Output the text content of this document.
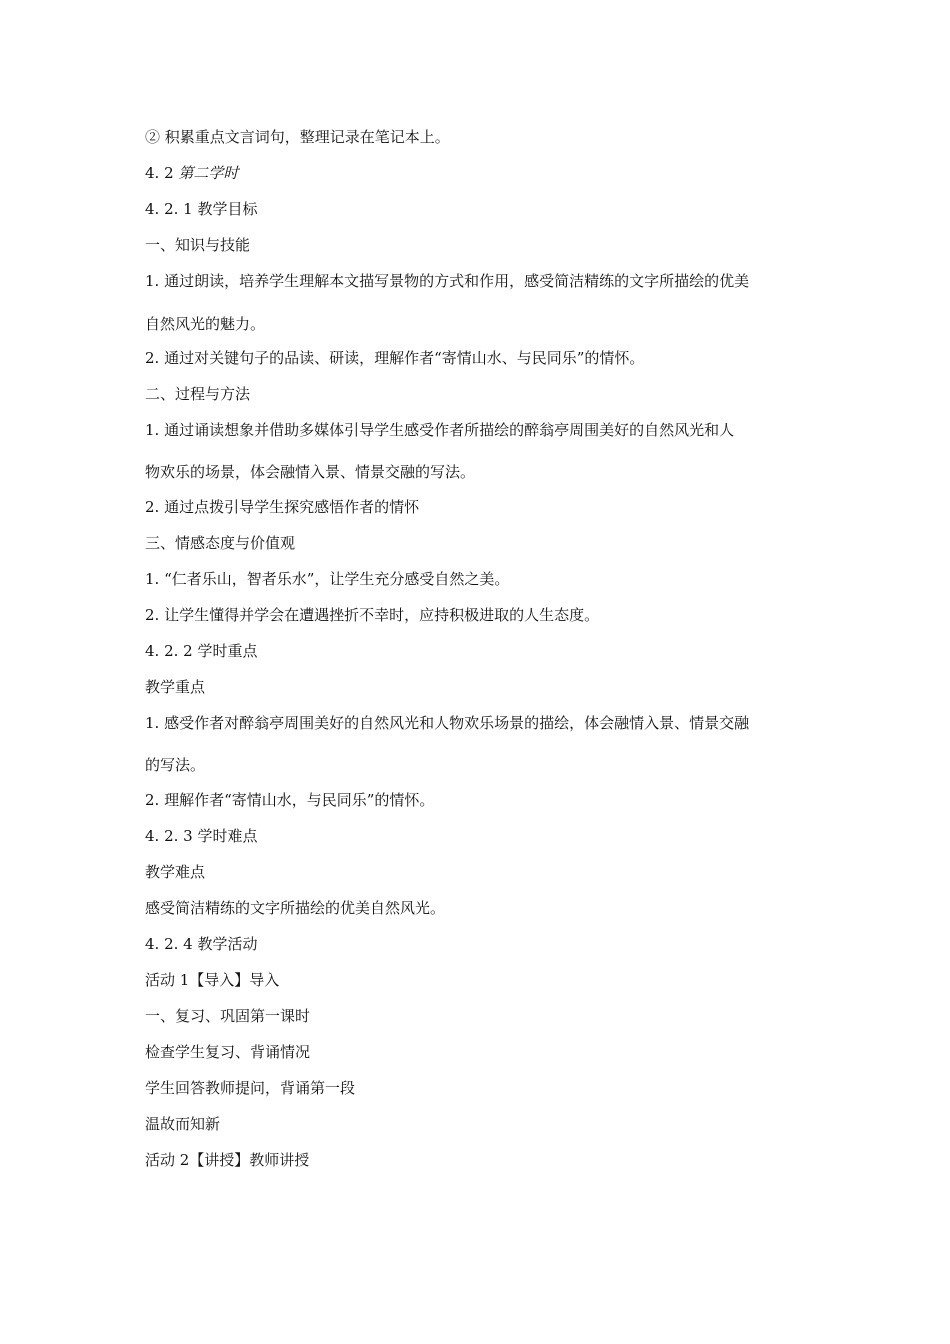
② 积累重点文言词句，整理记录在笔记本上。
4. 2 第二学时
4. 2. 1 教学目标
一、知识与技能
1. 通过朗读，培养学生理解本文描写景物的方式和作用，感受简洁精练的文字所描绘的优美
自然风光的魅力。
2. 通过对关键句子的品读、研读，理解作者“寄情山水、与民同乐”的情怀。
二、过程与方法
1. 通过诵读想象并借助多媒体引导学生感受作者所描绘的醉翁亭周围美好的自然风光和人
物欢乐的场景，体会融情入景、情景交融的写法。
2. 通过点拨引导学生探究感悟作者的情怀
三、情感态度与价值观
1. “仁者乐山，智者乐水”，让学生充分感受自然之美。
2. 让学生懂得并学会在遭遇挫折不幸时，应持积极进取的人生态度。
4. 2. 2 学时重点
教学重点
1. 感受作者对醉翁亭周围美好的自然风光和人物欢乐场景的描绘，体会融情入景、情景交融
的写法。
2. 理解作者“寄情山水，与民同乐”的情怀。
4. 2. 3 学时难点
教学难点
感受简洁精练的文字所描绘的优美自然风光。
4. 2. 4 教学活动
活动 1【导入】导入
一、复习、巩固第一课时
检查学生复习、背诵情况
学生回答教师提问，背诵第一段
温故而知新
活动 2【讲授】教师讲授
